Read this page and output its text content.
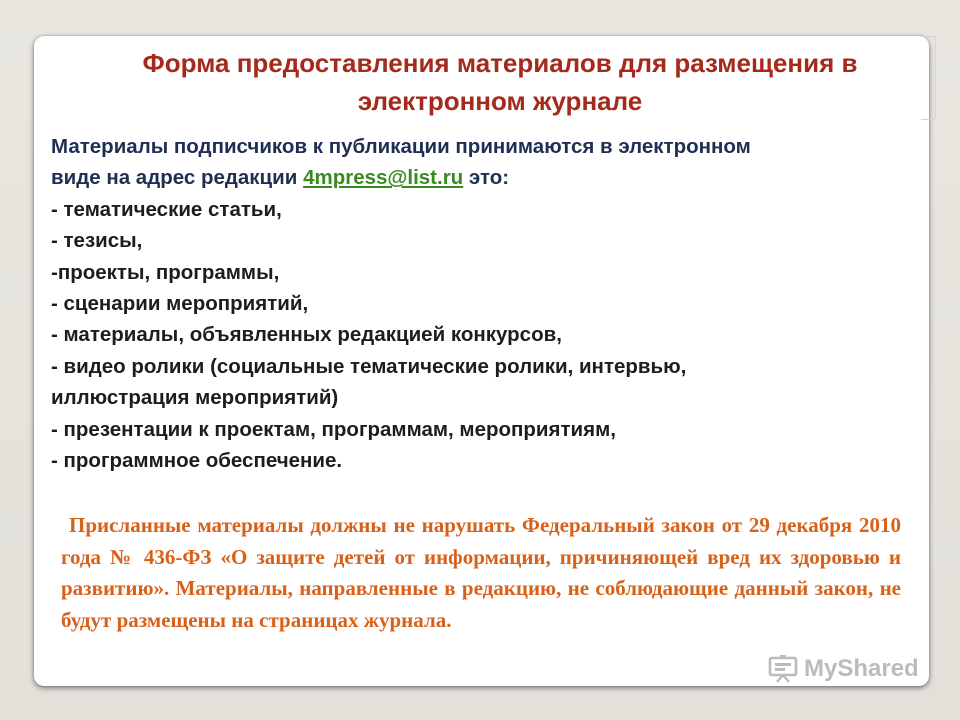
Форма предоставления материалов для размещения в электронном журнале
Материалы подписчиков к публикации принимаются в электронном
виде на адрес редакции 4mpress@list.ru это:
- тематические статьи,
- тезисы,
-проекты, программы,
- сценарии мероприятий,
- материалы, объявленных редакцией конкурсов,
- видео ролики (социальные тематические ролики, интервью,
иллюстрация мероприятий)
- презентации к проектам, программам, мероприятиям,
- программное обеспечение.
Присланные материалы должны не нарушать Федеральный закон от 29 декабря 2010 года № 436-ФЗ «О защите детей от информации, причиняющей вред их здоровью и развитию». Материалы, направленные в редакцию, не соблюдающие данный закон, не будут размещены на страницах журнала.
MyShared
